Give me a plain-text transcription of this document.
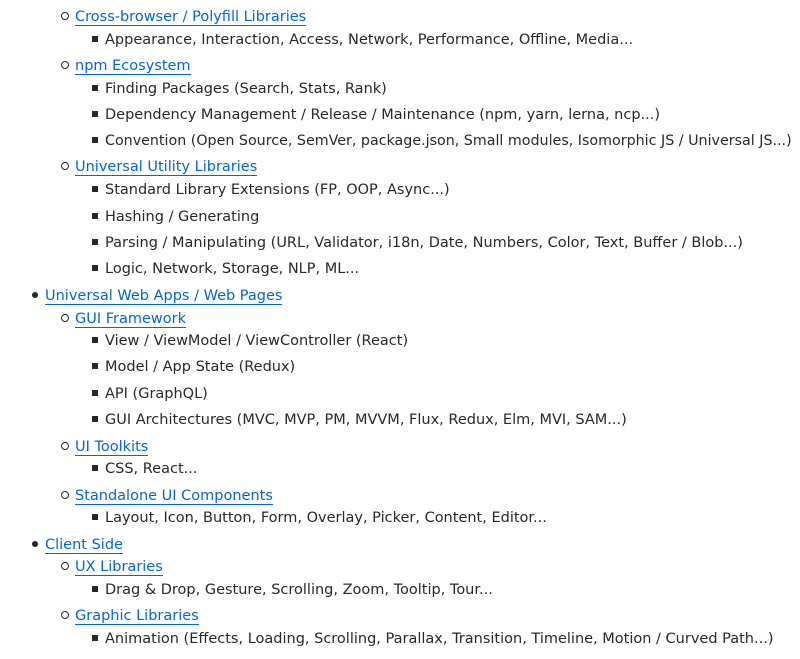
Cross-browser / Polyfill Libraries
Appearance, Interaction, Access, Network, Performance, Offline, Media...
npm Ecosystem
Finding Packages (Search, Stats, Rank)
Dependency Management / Release / Maintenance (npm, yarn, lerna, ncp...)
Convention (Open Source, SemVer, package.json, Small modules, Isomorphic JS / Universal JS...)
Universal Utility Libraries
Standard Library Extensions (FP, OOP, Async...)
Hashing / Generating
Parsing / Manipulating (URL, Validator, i18n, Date, Numbers, Color, Text, Buffer / Blob...)
Logic, Network, Storage, NLP, ML...
Universal Web Apps / Web Pages
GUI Framework
View / ViewModel / ViewController (React)
Model / App State (Redux)
API (GraphQL)
GUI Architectures (MVC, MVP, PM, MVVM, Flux, Redux, Elm, MVI, SAM...)
UI Toolkits
CSS, React...
Standalone UI Components
Layout, Icon, Button, Form, Overlay, Picker, Content, Editor...
Client Side
UX Libraries
Drag & Drop, Gesture, Scrolling, Zoom, Tooltip, Tour...
Graphic Libraries
Animation (Effects, Loading, Scrolling, Parallax, Transition, Timeline, Motion / Curved Path...)
